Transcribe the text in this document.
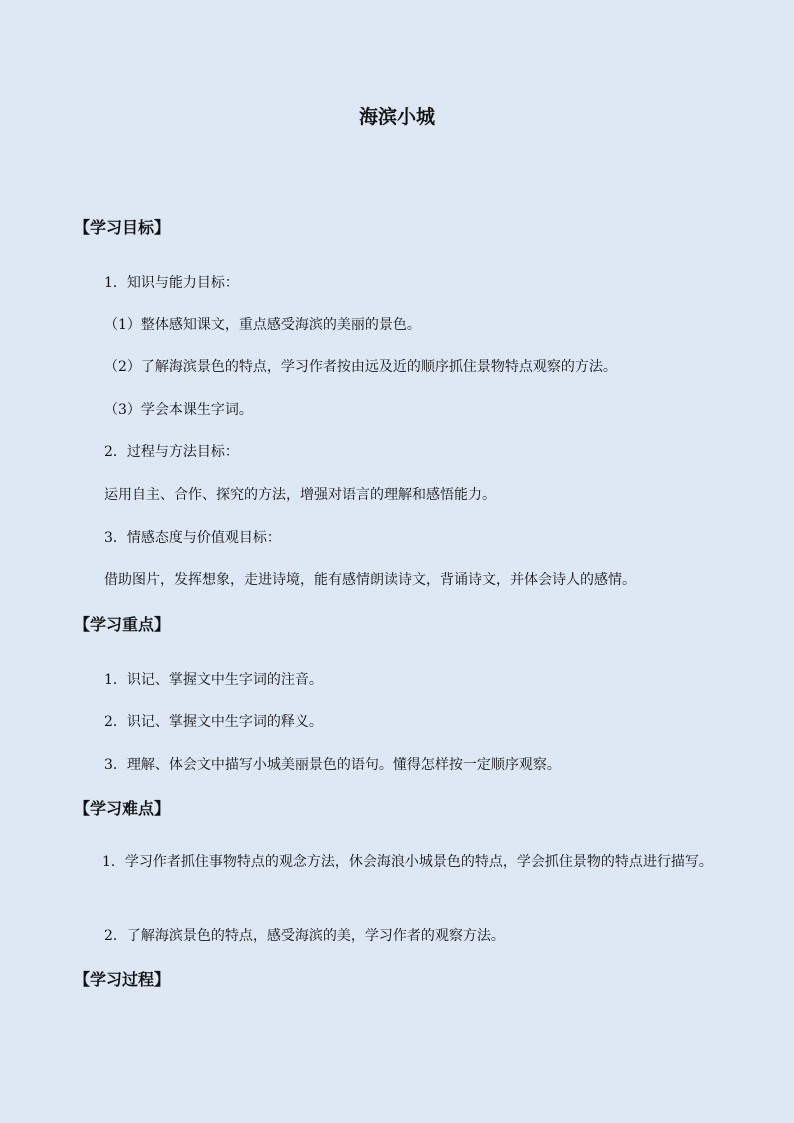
海滨小城
【学习目标】
1．知识与能力目标：
（1）整体感知课文，重点感受海滨的美丽的景色。
（2）了解海滨景色的特点，学习作者按由远及近的顺序抓住景物特点观察的方法。
（3）学会本课生字词。
2．过程与方法目标：
运用自主、合作、探究的方法，增强对语言的理解和感悟能力。
3．情感态度与价值观目标：
借助图片，发挥想象，走进诗境，能有感情朗读诗文，背诵诗文，并体会诗人的感情。
【学习重点】
1．识记、掌握文中生字词的注音。
2．识记、掌握文中生字词的释义。
3．理解、体会文中描写小城美丽景色的语句。懂得怎样按一定顺序观察。
【学习难点】
1．学习作者抓住事物特点的观念方法，休会海浪小城景色的特点，学会抓住景物的特点进行描写。
2．了解海滨景色的特点，感受海滨的美，学习作者的观察方法。
【学习过程】
